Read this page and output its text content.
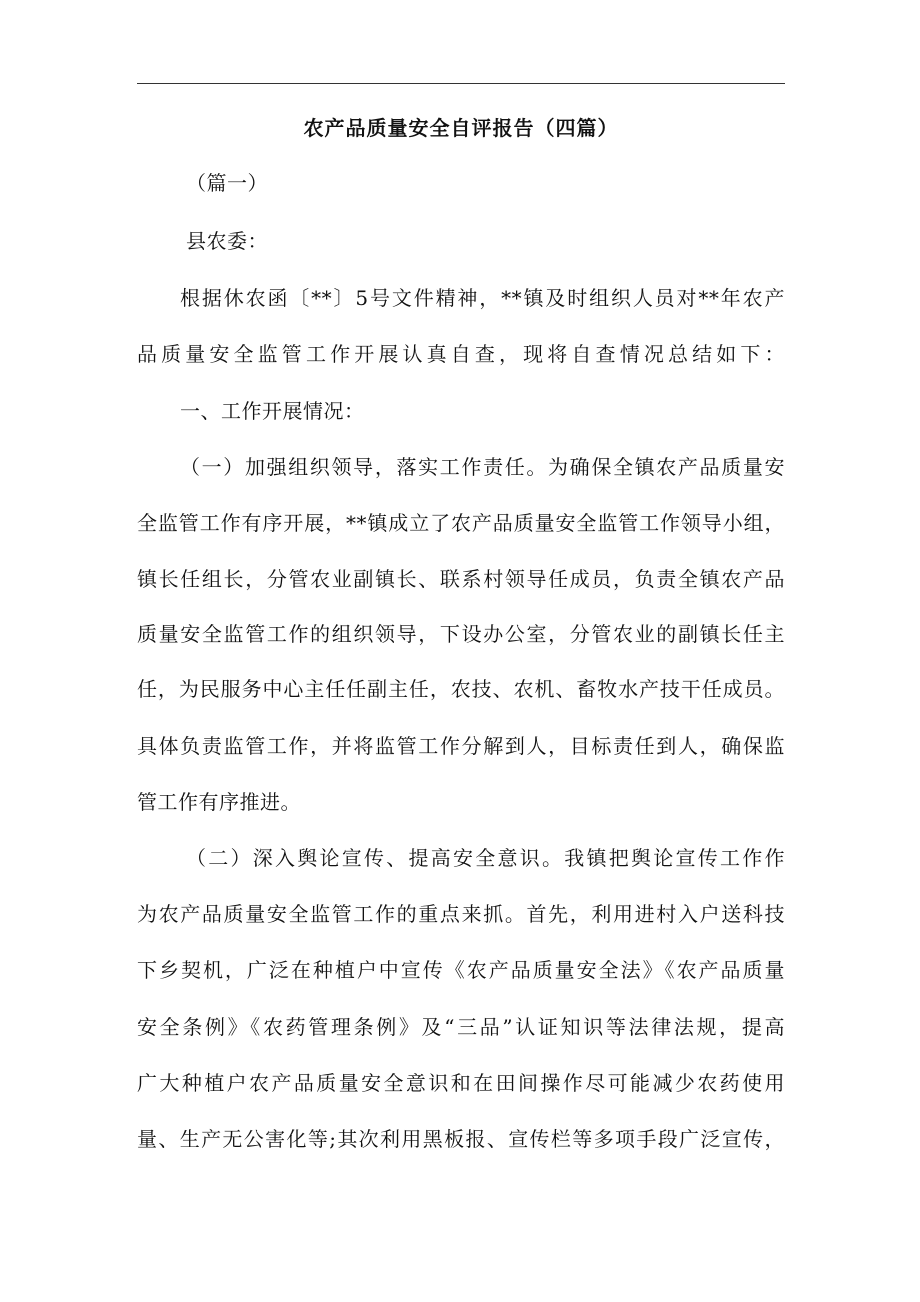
农产品质量安全自评报告（四篇）
（篇一）
县农委：
根据休农函〔**〕5号文件精神，**镇及时组织人员对**年农产
品质量安全监管工作开展认真自查，现将自查情况总结如下：
一、工作开展情况：
（一）加强组织领导，落实工作责任。为确保全镇农产品质量安
全监管工作有序开展，**镇成立了农产品质量安全监管工作领导小组，
镇长任组长，分管农业副镇长、联系村领导任成员，负责全镇农产品
质量安全监管工作的组织领导，下设办公室，分管农业的副镇长任主
任，为民服务中心主任任副主任，农技、农机、畜牧水产技干任成员。
具体负责监管工作，并将监管工作分解到人，目标责任到人，确保监
管工作有序推进。
（二）深入舆论宣传、提高安全意识。我镇把舆论宣传工作作
为农产品质量安全监管工作的重点来抓。首先，利用进村入户送科技
下乡契机，广泛在种植户中宣传《农产品质量安全法》《农产品质量
安全条例》《农药管理条例》及“三品”认证知识等法律法规，提高
广大种植户农产品质量安全意识和在田间操作尽可能减少农药使用
量、生产无公害化等;其次利用黑板报、宣传栏等多项手段广泛宣传，
